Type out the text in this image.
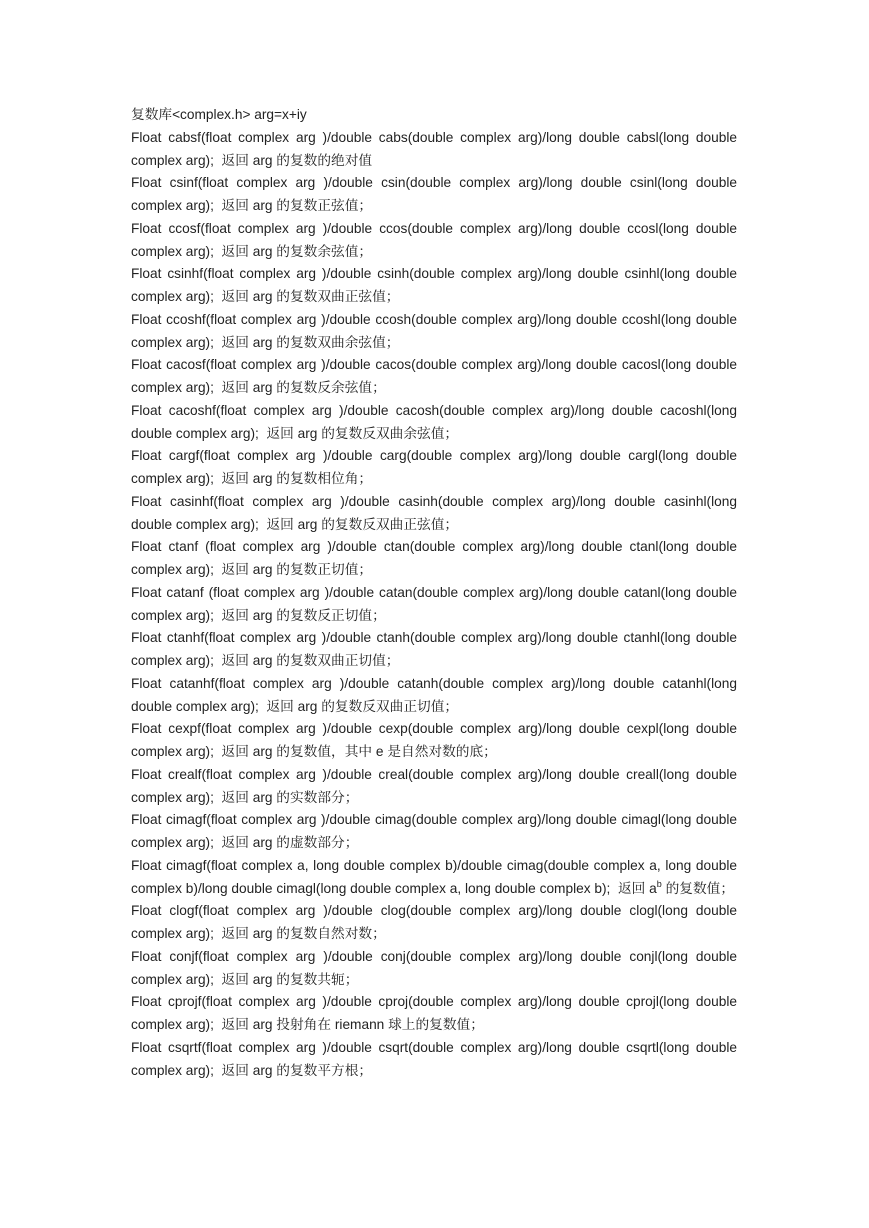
复数库<complex.h> arg=x+iy
Float cabsf(float complex arg )/double cabs(double complex arg)/long double cabsl(long double complex arg); 返回 arg 的复数的绝对值
Float csinf(float complex arg )/double csin(double complex arg)/long double csinl(long double complex arg); 返回 arg 的复数正弦值；
Float ccosf(float complex arg )/double ccos(double complex arg)/long double ccosl(long double complex arg); 返回 arg 的复数余弦值；
Float csinhf(float complex arg )/double csinh(double complex arg)/long double csinhl(long double complex arg); 返回 arg 的复数双曲正弦值；
Float ccoshf(float complex arg )/double ccosh(double complex arg)/long double ccoshl(long double complex arg); 返回 arg 的复数双曲余弦值；
Float cacosf(float complex arg )/double cacos(double complex arg)/long double cacosl(long double complex arg); 返回 arg 的复数反余弦值；
Float cacoshf(float complex arg )/double cacosh(double complex arg)/long double cacoshl(long double complex arg); 返回 arg 的复数反双曲余弦值；
Float cargf(float complex arg )/double carg(double complex arg)/long double cargl(long double complex arg); 返回 arg 的复数相位角；
Float casinhf(float complex arg )/double casinh(double complex arg)/long double casinhl(long double complex arg); 返回 arg 的复数反双曲正弦值；
Float ctanf (float complex arg )/double ctan(double complex arg)/long double ctanl(long double complex arg); 返回 arg 的复数正切值；
Float catanf (float complex arg )/double catan(double complex arg)/long double catanl(long double complex arg); 返回 arg 的复数反正切值；
Float ctanhf(float complex arg )/double ctanh(double complex arg)/long double ctanhl(long double complex arg); 返回 arg 的复数双曲正切值；
Float catanhf(float complex arg )/double catanh(double complex arg)/long double catanhl(long double complex arg); 返回 arg 的复数反双曲正切值；
Float cexpf(float complex arg )/double cexp(double complex arg)/long double cexpl(long double complex arg); 返回 arg 的复数值，其中 e 是自然对数的底；
Float crealf(float complex arg )/double creal(double complex arg)/long double creall(long double complex arg); 返回 arg 的实数部分；
Float cimagf(float complex arg )/double cimag(double complex arg)/long double cimagl(long double complex arg); 返回 arg 的虚数部分；
Float cimagf(float complex a, long double complex b)/double cimag(double complex a, long double complex b)/long double cimagl(long double complex a, long double complex b); 返回 $a^b$ 的复数值；
Float clogf(float complex arg )/double clog(double complex arg)/long double clogl(long double complex arg); 返回 arg 的复数自然对数；
Float conjf(float complex arg )/double conj(double complex arg)/long double conjl(long double complex arg); 返回 arg 的复数共轭；
Float cprojf(float complex arg )/double cproj(double complex arg)/long double cprojl(long double complex arg); 返回 arg 投射角在 riemann 球上的复数值；
Float csqrtf(float complex arg )/double csqrt(double complex arg)/long double csqrtl(long double complex arg); 返回 arg 的复数平方根；
